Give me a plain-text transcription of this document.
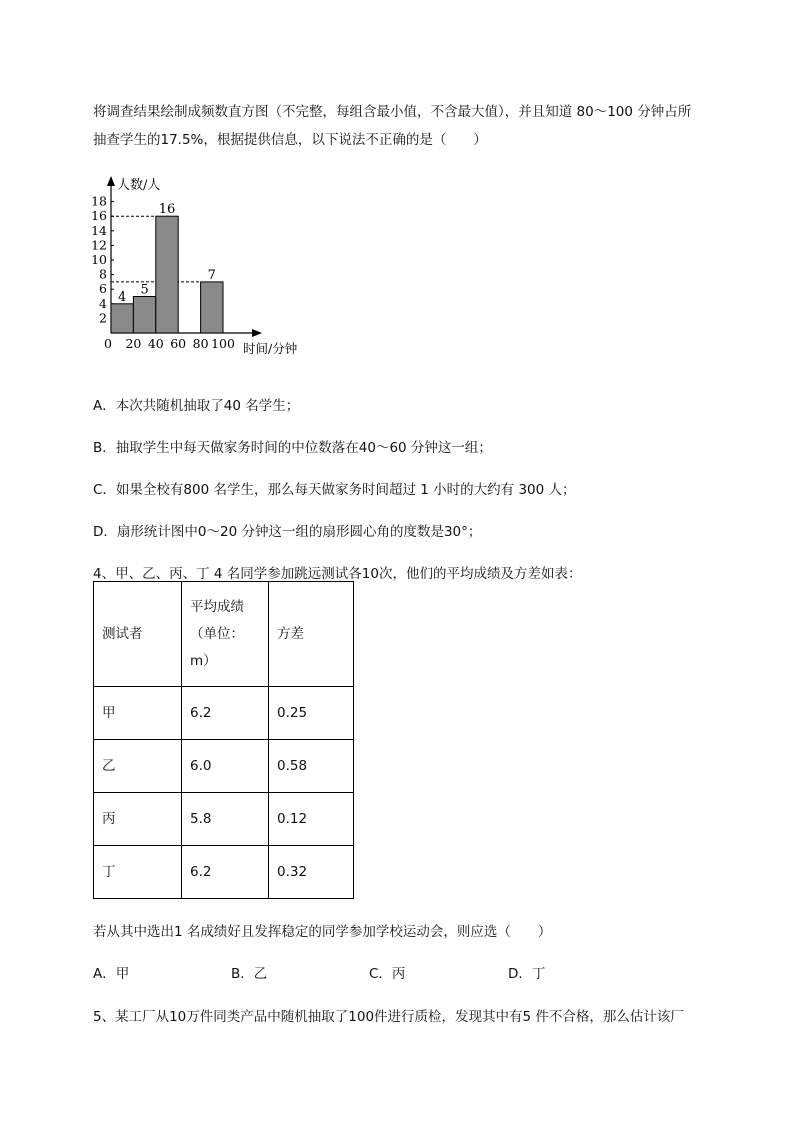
将调查结果绘制成频数直方图（不完整，每组含最小值，不含最大值），并且知道 80～100 分钟占所
抽查学生的17.5%，根据提供信息，以下说法不正确的是（　　）
人数/人
时间/分钟
0
2
4
6
8
10
12
14
16
18
20 40 60 80 100
4 5
16
7
A．本次共随机抽取了40 名学生；
B．抽取学生中每天做家务时间的中位数落在40～60 分钟这一组；
C．如果全校有800 名学生，那么每天做家务时间超过 1 小时的大约有 300 人；
D．扇形统计图中0～20 分钟这一组的扇形圆心角的度数是30°；
4、甲、乙、丙、丁 4 名同学参加跳远测试各10次，他们的平均成绩及方差如表：
测试者	平均成绩
（单位：
m）	方差
甲	6.2	0.25
乙	6.0	0.58
丙	5.8	0.12
丁	6.2	0.32
若从其中选出1 名成绩好且发挥稳定的同学参加学校运动会，则应选（　　）
A．甲	B．乙	C．丙	D．丁
5、某工厂从10万件同类产品中随机抽取了100件进行质检，发现其中有5 件不合格，那么估计该厂
